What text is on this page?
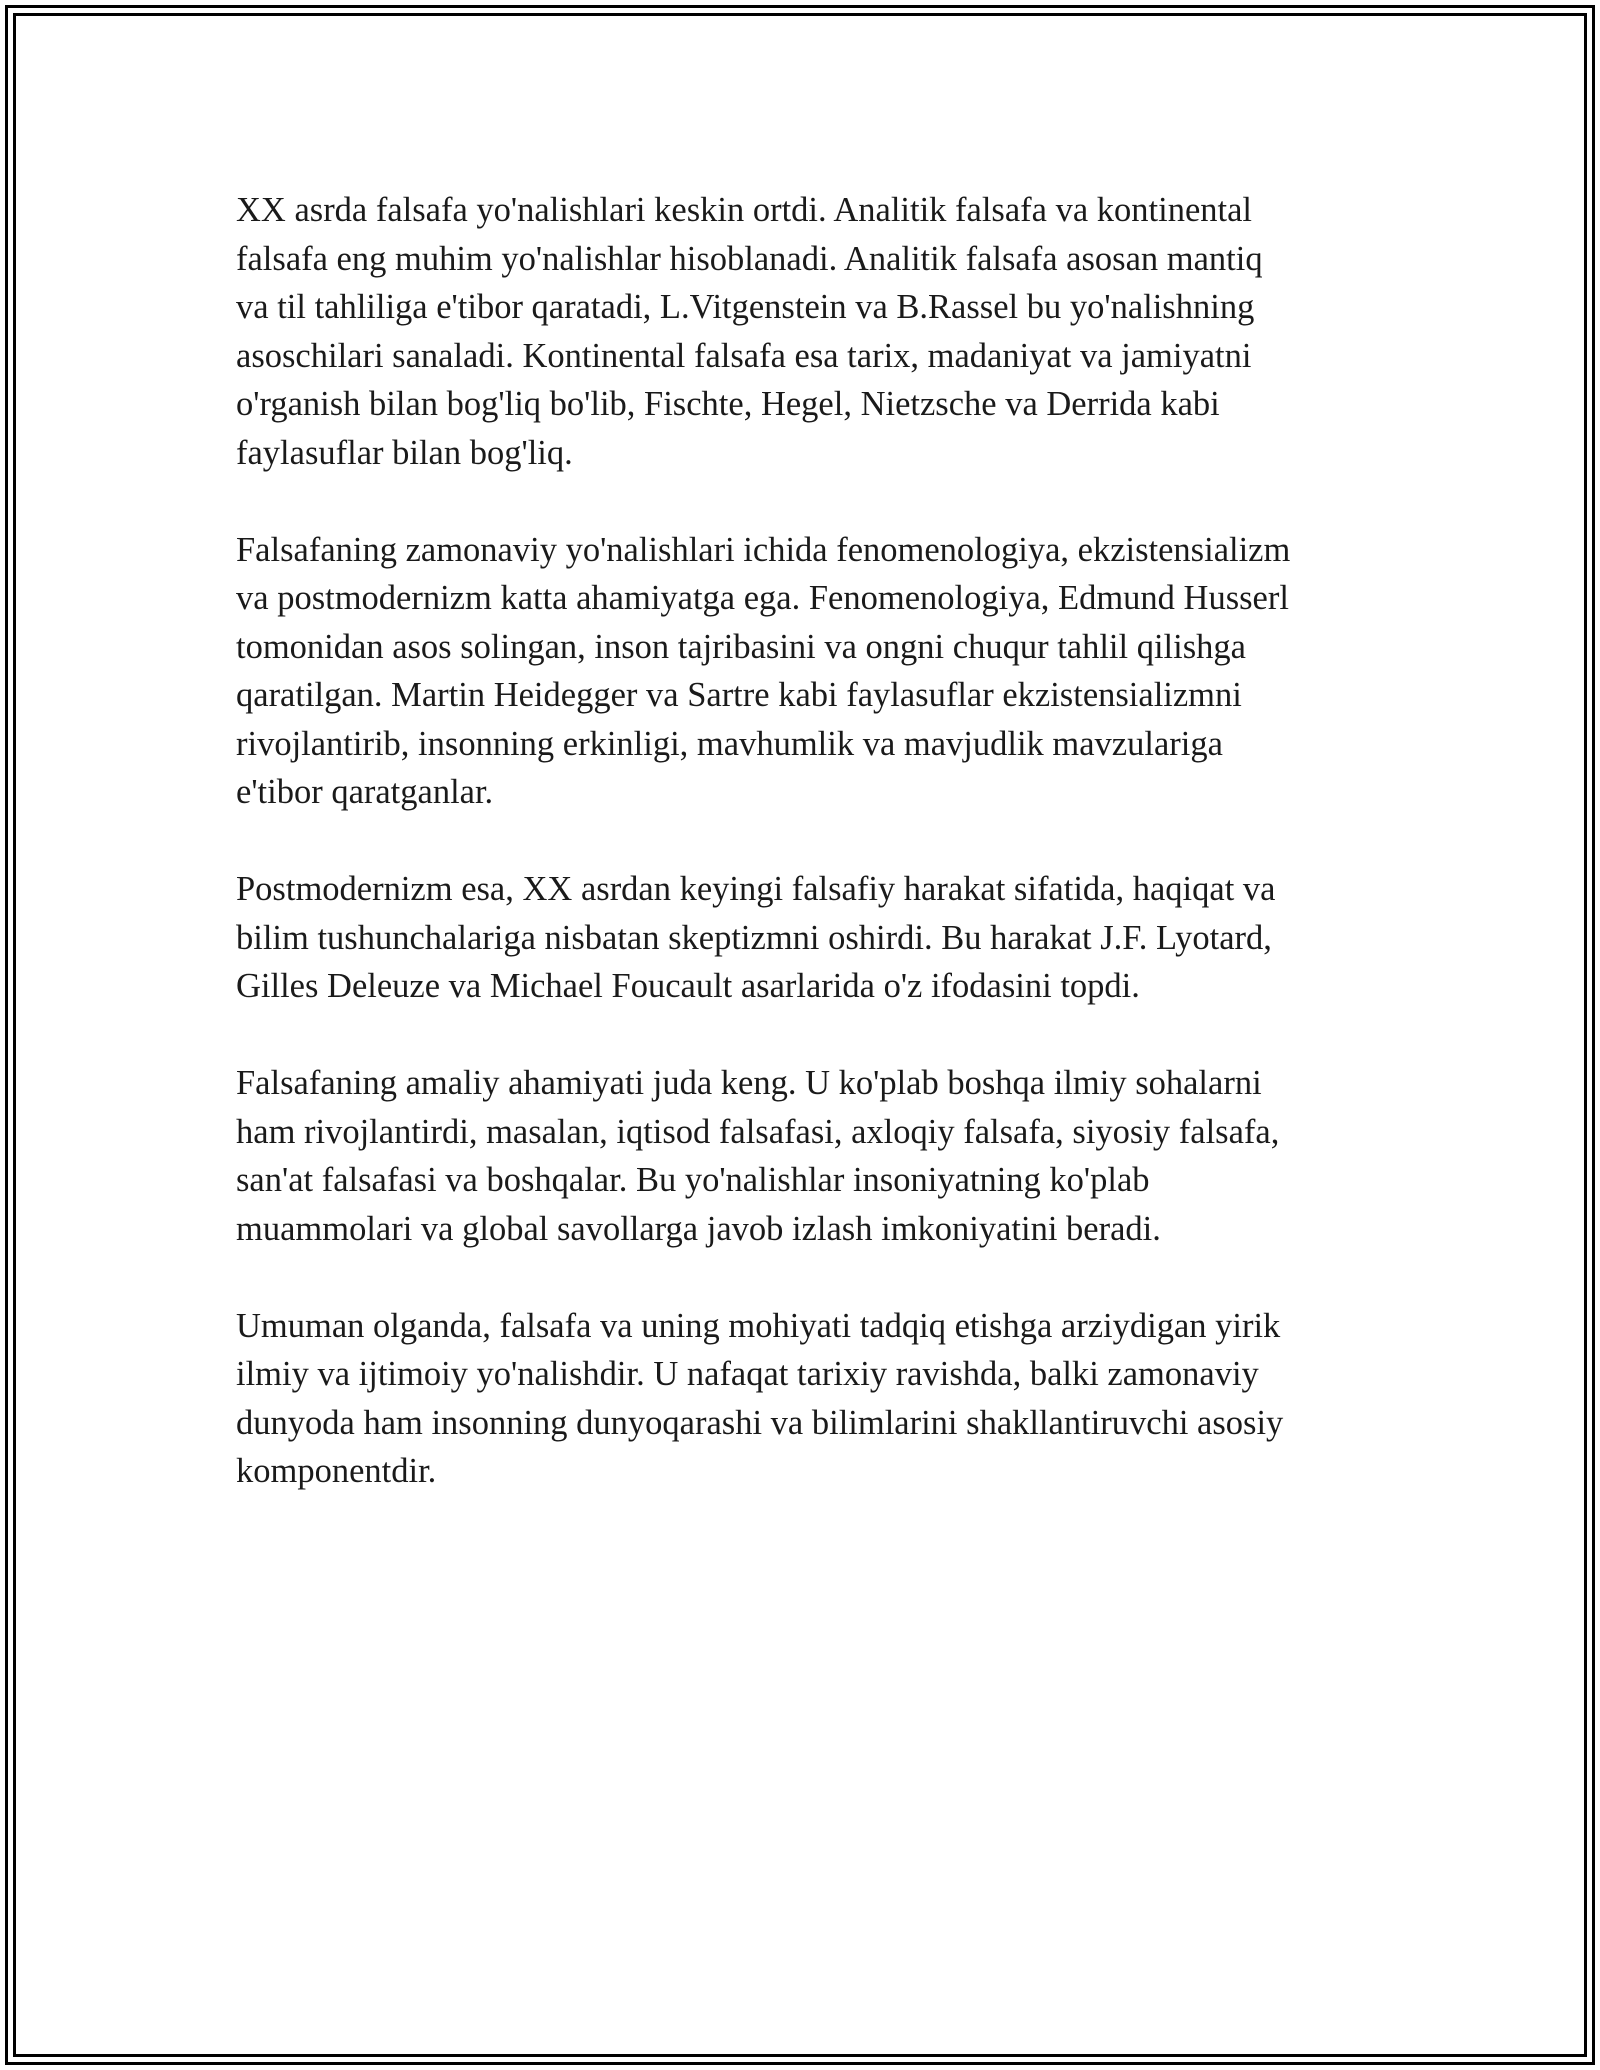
XX asrda falsafa yo'nalishlari keskin ortdi. Analitik falsafa va kontinental
falsafa eng muhim yo'nalishlar hisoblanadi. Analitik falsafa asosan mantiq
va til tahliliga e'tibor qaratadi, L.Vitgenstein va B.Rassel bu yo'nalishning
asoschilari sanaladi. Kontinental falsafa esa tarix, madaniyat va jamiyatni
o'rganish bilan bog'liq bo'lib, Fischte, Hegel, Nietzsche va Derrida kabi
faylasuflar bilan bog'liq.

Falsafaning zamonaviy yo'nalishlari ichida fenomenologiya, ekzistensializm
va postmodernizm katta ahamiyatga ega. Fenomenologiya, Edmund Husserl
tomonidan asos solingan, inson tajribasini va ongni chuqur tahlil qilishga
qaratilgan. Martin Heidegger va Sartre kabi faylasuflar ekzistensializmni
rivojlantirib, insonning erkinligi, mavhumlik va mavjudlik mavzulariga
e'tibor qaratganlar.

Postmodernizm esa, XX asrdan keyingi falsafiy harakat sifatida, haqiqat va
bilim tushunchalariga nisbatan skeptizmni oshirdi. Bu harakat J.F. Lyotard,
Gilles Deleuze va Michael Foucault asarlarida o'z ifodasini topdi.

Falsafaning amaliy ahamiyati juda keng. U ko'plab boshqa ilmiy sohalarni
ham rivojlantirdi, masalan, iqtisod falsafasi, axloqiy falsafa, siyosiy falsafa,
san'at falsafasi va boshqalar. Bu yo'nalishlar insoniyatning ko'plab
muammolari va global savollarga javob izlash imkoniyatini beradi.

Umuman olganda, falsafa va uning mohiyati tadqiq etishga arziydigan yirik
ilmiy va ijtimoiy yo'nalishdir. U nafaqat tarixiy ravishda, balki zamonaviy
dunyoda ham insonning dunyoqarashi va bilimlarini shakllantiruvchi asosiy
komponentdir.
